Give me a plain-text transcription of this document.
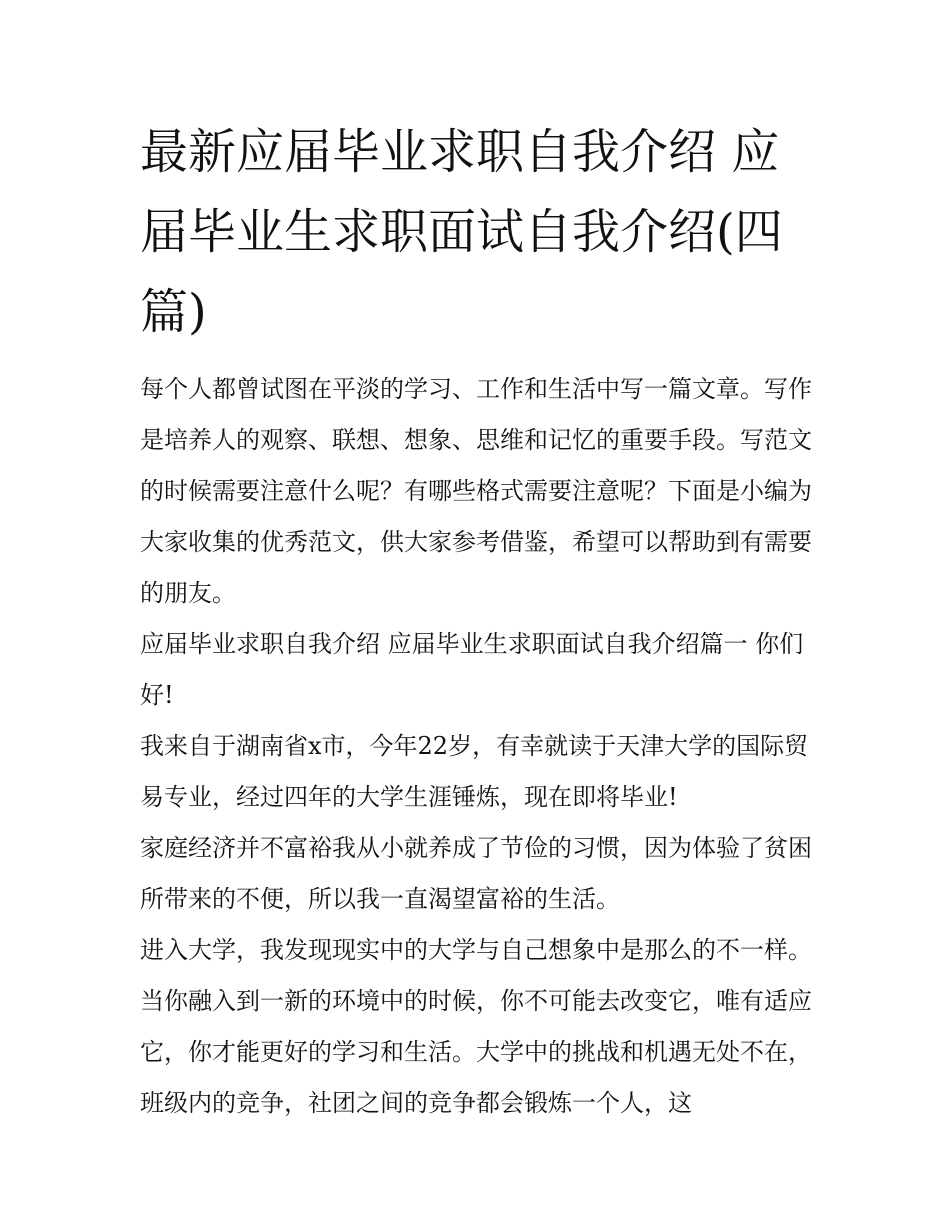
最新应届毕业求职自我介绍 应届毕业生求职面试自我介绍(四篇)

每个人都曾试图在平淡的学习、工作和生活中写一篇文章。写作是培养人的观察、联想、想象、思维和记忆的重要手段。写范文的时候需要注意什么呢？有哪些格式需要注意呢？下面是小编为大家收集的优秀范文，供大家参考借鉴，希望可以帮助到有需要的朋友。

应届毕业求职自我介绍 应届毕业生求职面试自我介绍篇一 你们好!

我来自于湖南省x市，今年22岁，有幸就读于天津大学的国际贸易专业，经过四年的大学生涯锤炼，现在即将毕业!

家庭经济并不富裕我从小就养成了节俭的习惯，因为体验了贫困所带来的不便，所以我一直渴望富裕的生活。

进入大学，我发现现实中的大学与自己想象中是那么的不一样。当你融入到一新的环境中的时候，你不可能去改变它，唯有适应它，你才能更好的学习和生活。大学中的挑战和机遇无处不在，班级内的竞争，社团之间的竞争都会锻炼一个人，这
